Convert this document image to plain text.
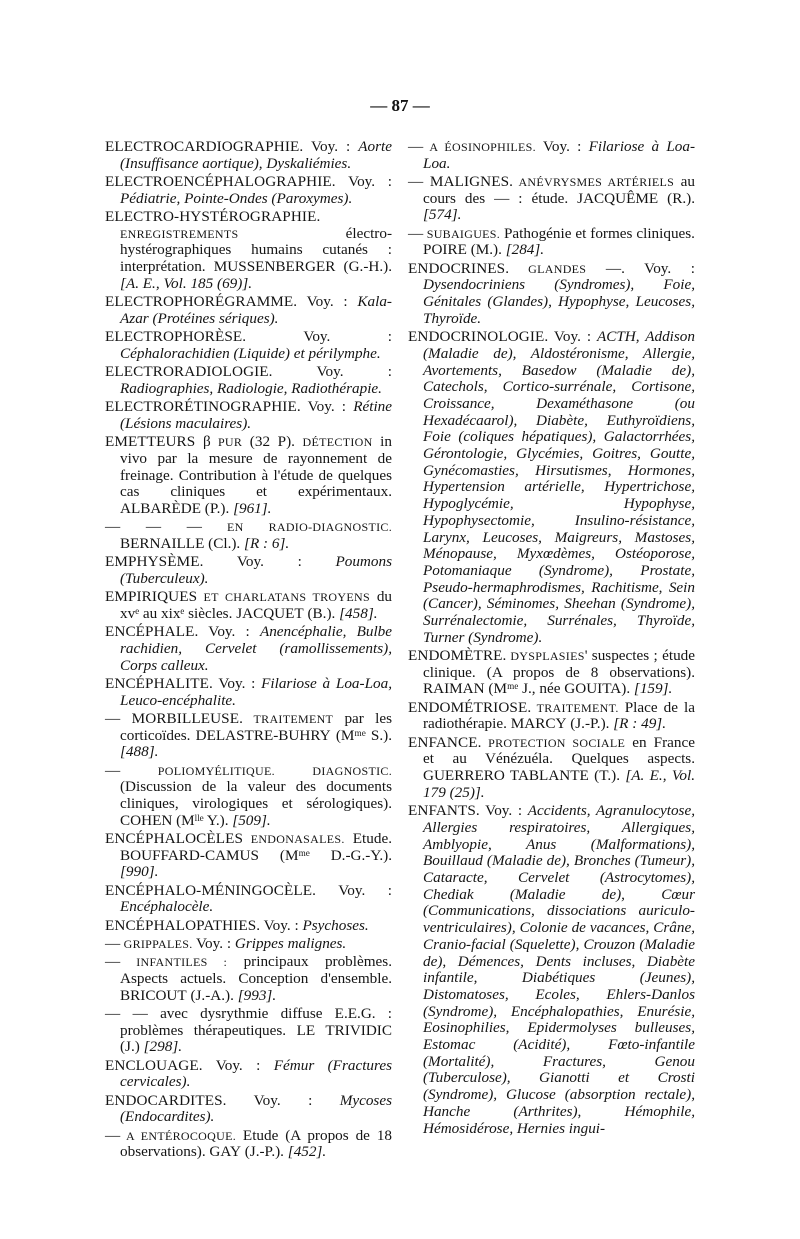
— 87 —
ELECTROCARDIOGRAPHIE. Voy. : Aorte (Insuffisance aortique), Dyskaliémies.
ELECTROENCÉPHALOGRAPHIE. Voy. : Pédiatrie, Pointe-Ondes (Paroxymes).
ELECTRO-HYSTÉROGRAPHIE. ENREGISTREMENTS électro-hystérographiques humains cutanés : interprétation. MUSSENBERGER (G.-H.). [A. E., Vol. 185 (69)].
ELECTROPHORÉGRAMME. Voy. : Kala-Azar (Protéines sériques).
ELECTROPHORÈSE. Voy. : Céphalorachidien (Liquide) et périlymphe.
ELECTRORADIOLOGIE. Voy. : Radiographies, Radiologie, Radiothérapie.
ELECTRORÉTINOGRAPHIE. Voy. : Rétine (Lésions maculaires).
EMETTEURS β PUR (32 P). DÉTECTION in vivo par la mesure de rayonnement de freinage. Contribution à l'étude de quelques cas cliniques et expérimentaux. ALBARÈDE (P.). [961].
— — — EN RADIO-DIAGNOSTIC. BERNAILLE (Cl.). [R : 6].
EMPHYSÈME. Voy. : Poumons (Tuberculeux).
EMPIRIQUES ET CHARLATANS TROYENS du xvᵉ au xixᵉ siècles. JACQUET (B.). [458].
ENCÉPHALE. Voy. : Anencéphalie, Bulbe rachidien, Cervelet (ramollissements), Corps calleux.
ENCÉPHALITE. Voy. : Filariose à Loa-Loa, Leuco-encéphalite.
— MORBILLEUSE. TRAITEMENT par les corticoïdes. DELASTRE-BUHRY (Mᵐᵉ S.). [488].
— POLIOMYÉLITIQUE. DIAGNOSTIC. (Discussion de la valeur des documents cliniques, virologiques et sérologiques). COHEN (Mˡˡᵉ Y.). [509].
ENCÉPHALOCÈLES ENDONASALES. Etude. BOUFFARD-CAMUS (Mᵐᵉ D.-G.-Y.). [990].
ENCÉPHALO-MÉNINGOCÈLE. Voy. : Encéphalocèle.
ENCÉPHALOPATHIES. Voy. : Psychoses.
— GRIPPALES. Voy. : Grippes malignes.
— INFANTILES : principaux problèmes. Aspects actuels. Conception d'ensemble. BRICOUT (J.-A.). [993].
— — avec dysrythmie diffuse E.E.G. : problèmes thérapeutiques. LE TRIVIDIC (J.) [298].
ENCLOUAGE. Voy. : Fémur (Fractures cervicales).
ENDOCARDITES. Voy. : Mycoses (Endocardites).
— A ENTÉROCOQUE. Etude (A propos de 18 observations). GAY (J.-P.). [452].
— A ÉOSINOPHILES. Voy. : Filariose à Loa-Loa.
— MALIGNES. ANÉVRYSMES ARTÉRIELS au cours des — : étude. JACQUÊME (R.). [574].
— SUBAIGUES. Pathogénie et formes cliniques. POIRE (M.). [284].
ENDOCRINES. GLANDES —. Voy. : Dysendocriniens (Syndromes), Foie, Génitales (Glandes), Hypophyse, Leucoses, Thyroïde.
ENDOCRINOLOGIE. Voy. : ACTH, Addison (Maladie de), Aldostéronisme, Allergie, Avortements, Basedow (Maladie de), Catechols, Cortico-surrénale, Cortisone, Croissance, Dexaméthasone (ou Hexadécaarol), Diabète, Euthyroïdiens, Foie (coliques hépatiques), Galactorrhées, Gérontologie, Glycémies, Goitres, Goutte, Gynécomasties, Hirsutismes, Hormones, Hypertension artérielle, Hypertrichose, Hypoglycémie, Hypophyse, Hypophysectomie, Insulino-résistance, Larynx, Leucoses, Maigreurs, Mastoses, Ménopause, Myxœdèmes, Ostéoporose, Potomaniaque (Syndrome), Prostate, Pseudo-hermaphrodismes, Rachitisme, Sein (Cancer), Séminomes, Sheehan (Syndrome), Surrénalectomie, Surrénales, Thyroïde, Turner (Syndrome).
ENDOMÈTRE. DYSPLASIES' suspectes ; étude clinique. (A propos de 8 observations). RAIMAN (Mᵐᵉ J., née GOUITA). [159].
ENDOMÉTRIOSE. TRAITEMENT. Place de la radiothérapie. MARCY (J.-P.). [R : 49].
ENFANCE. PROTECTION SOCIALE en France et au Vénézuéla. Quelques aspects. GUERRERO TABLANTE (T.). [A. E., Vol. 179 (25)].
ENFANTS. Voy. : Accidents, Agranulocytose, Allergies respiratoires, Allergiques, Amblyopie, Anus (Malformations), Bouillaud (Maladie de), Bronches (Tumeur), Cataracte, Cervelet (Astrocytomes), Chediak (Maladie de), Cœur (Communications, dissociations auriculo-ventriculaires), Colonie de vacances, Crâne, Cranio-facial (Squelette), Crouzon (Maladie de), Démences, Dents incluses, Diabète infantile, Diabétiques (Jeunes), Distomatoses, Ecoles, Ehlers-Danlos (Syndrome), Encéphalopathies, Enurésie, Eosinophilies, Epidermolyses bulleuses, Estomac (Acidité), Fœto-infantile (Mortalité), Fractures, Genou (Tuberculose), Gianotti et Crosti (Syndrome), Glucose (absorption rectale), Hanche (Arthrites), Hémophile, Hémosidérose, Hernies ingui-
